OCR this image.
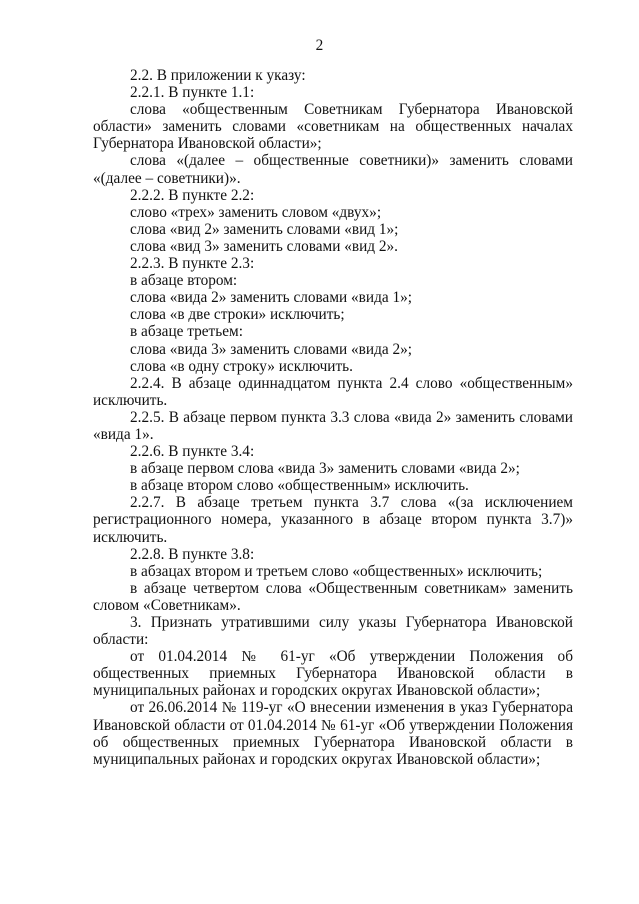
2

2.2. В приложении к указу:

2.2.1. В пункте 1.1:

слова «общественным Советникам Губернатора Ивановской области» заменить словами «советникам на общественных началах Губернатора Ивановской области»;

слова «(далее – общественные советники)» заменить словами «(далее – советники)».

2.2.2. В пункте 2.2:

слово «трех» заменить словом «двух»;

слова «вид 2» заменить словами «вид 1»;

слова «вид 3» заменить словами «вид 2».

2.2.3. В пункте 2.3:

в абзаце втором:

слова «вида 2» заменить словами «вида 1»;

слова «в две строки» исключить;

в абзаце третьем:

слова «вида 3» заменить словами «вида 2»;

слова «в одну строку» исключить.

2.2.4. В абзаце одиннадцатом пункта 2.4 слово «общественным» исключить.

2.2.5. В абзаце первом пункта 3.3 слова «вида 2» заменить словами «вида 1».

2.2.6. В пункте 3.4:

в абзаце первом слова «вида 3» заменить словами «вида 2»;

в абзаце втором слово «общественным» исключить.

2.2.7. В абзаце третьем пункта 3.7 слова «(за исключением регистрационного номера, указанного в абзаце втором пункта 3.7)» исключить.

2.2.8. В пункте 3.8:

в абзацах втором и третьем слово «общественных» исключить;

в абзаце четвертом слова «Общественным советникам» заменить словом «Советникам».

3. Признать утратившими силу указы Губернатора Ивановской области:

от 01.04.2014 № 61-уг «Об утверждении Положения об общественных приемных Губернатора Ивановской области в муниципальных районах и городских округах Ивановской области»;

от 26.06.2014 № 119-уг «О внесении изменения в указ Губернатора Ивановской области от 01.04.2014 № 61-уг «Об утверждении Положения об общественных приемных Губернатора Ивановской области в муниципальных районах и городских округах Ивановской области»;
